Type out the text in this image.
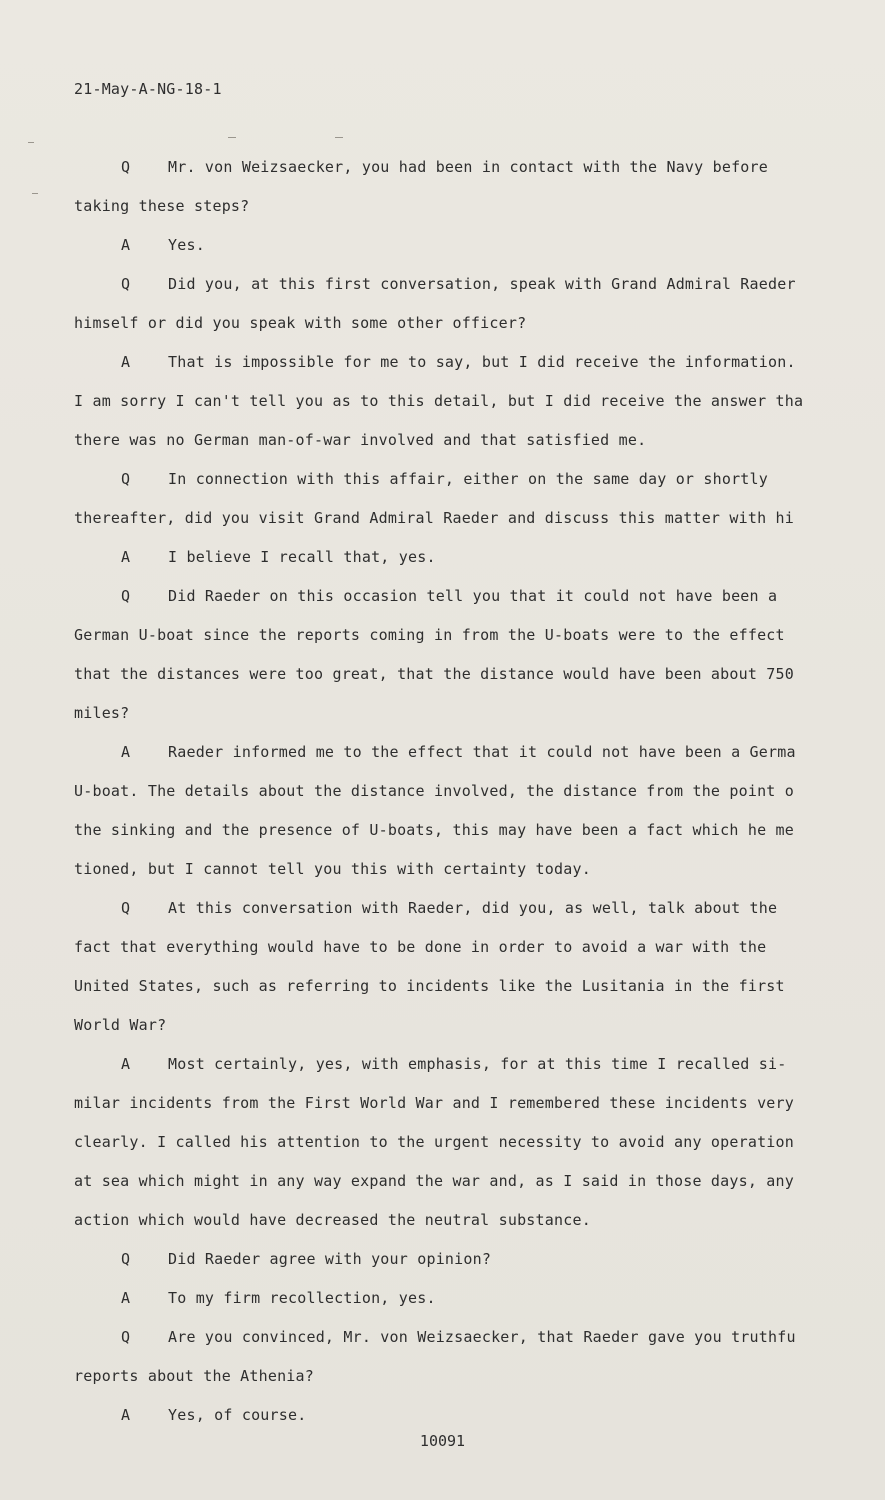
21-May-A-NG-18-1
Q	Mr. von Weizsaecker, you had been in contact with the Navy before
taking these steps?
A	Yes.
Q	Did you, at this first conversation, speak with Grand Admiral Raeder
himself or did you speak with some other officer?
A	That is impossible for me to say, but I did receive the information.
I am sorry I can't tell you as to this detail, but I did receive the answer tha
there was no German man-of-war involved and that satisfied me.
Q	In connection with this affair, either on the same day or shortly
thereafter, did you visit Grand Admiral Raeder and discuss this matter with hi
A	I believe I recall that, yes.
Q	Did Raeder on this occasion tell you that it could not have been a
German U-boat since the reports coming in from the U-boats were to the effect
that the distances were too great, that the distance would have been about 750
miles?
A	Raeder informed me to the effect that it could not have been a Germa
U-boat. The details about the distance involved, the distance from the point o
the sinking and the presence of U-boats, this may have been a fact which he me
tioned, but I cannot tell you this with certainty today.
Q	At this conversation with Raeder, did you, as well, talk about the
fact that everything would have to be done in order to avoid a war with the
United States, such as referring to incidents like the Lusitania in the first
World War?
A	Most certainly, yes, with emphasis, for at this time I recalled si-
milar incidents from the First World War and I remembered these incidents very
clearly. I called his attention to the urgent necessity to avoid any operation
at sea which might in any way expand the war and, as I said in those days, any
action which would have decreased the neutral substance.
Q	Did Raeder agree with your opinion?
A	To my firm recollection, yes.
Q	Are you convinced, Mr. von Weizsaecker, that Raeder gave you truthfu
reports about the Athenia?
A	Yes, of course.
10091
